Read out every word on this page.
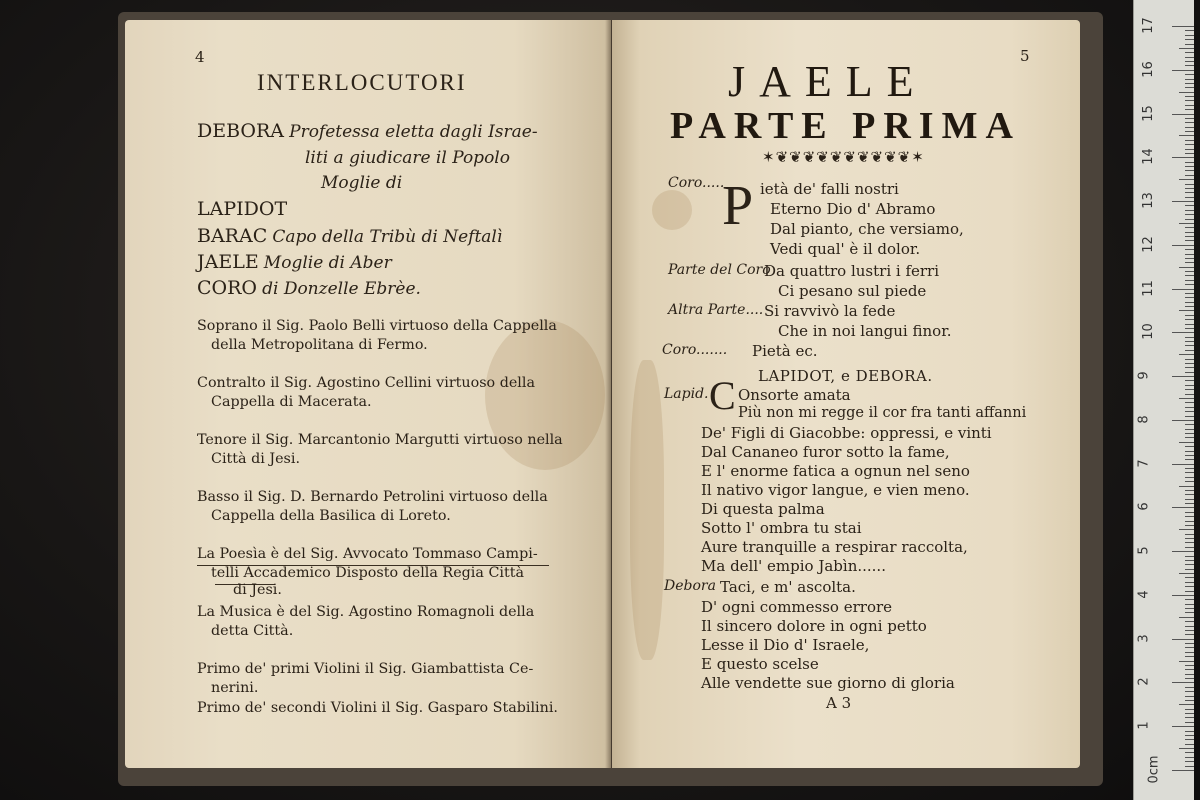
4
INTERLOCUTORI
DEBORA Profetessa eletta dagli Israe-
liti a giudicare il Popolo
Moglie di
LAPIDOT
BARAC Capo della Tribù di Neftalì
JAELE Moglie di Aber
CORO di Donzelle Ebrèe.
Soprano il Sig. Paolo Belli virtuoso della Cappella
della Metropolitana di Fermo.
Contralto il Sig. Agostino Cellini virtuoso della
Cappella di Macerata.
Tenore il Sig. Marcantonio Margutti virtuoso nella
Città di Jesi.
Basso il Sig. D. Bernardo Petrolini virtuoso della
Cappella della Basilica di Loreto.
La Poesìa è del Sig. Avvocato Tommaso Campi-
telli Accademico Disposto della Regia Città
di Jesi.
La Musica è del Sig. Agostino Romagnoli della
detta Città.
Primo de' primi Violini il Sig. Giambattista Ce-
nerini.
Primo de' secondi Violini il Sig. Gasparo Stabilini.
5
JAELE
PARTE PRIMA
✶❦❦❦❦❦❦❦❦❦❦✶
Coro.....
P ietà de' falli nostri
Eterno Dio d' Abramo
Dal pianto, che versiamo,
Vedi qual' è il dolor.
Parte del Coro
Da quattro lustri i ferri
Ci pesano sul piede
Altra Parte.... Si ravvivò la fede
Che in noi langui finor.
Coro....... Pietà ec.
LAPIDOT, e DEBORA.
Lapid. C Onsorte amata
Più non mi regge il cor fra tanti affanni
De' Figli di Giacobbe: oppressi, e vinti
Dal Cananeo furor sotto la fame,
E l' enorme fatica a ognun nel seno
Il nativo vigor langue, e vien meno.
Di questa palma
Sotto l' ombra tu stai
Aure tranquille a respirar raccolta,
Ma dell' empio Jabìn......
Debora Taci, e m' ascolta.
D' ogni commesso errore
Il sincero dolore in ogni petto
Lesse il Dio d' Israele,
E questo scelse
Alle vendette sue giorno di gloria
A 3
17
16
15
14
13
12
11
10
9
8
7
6
5
4
3
2
1
0cm
